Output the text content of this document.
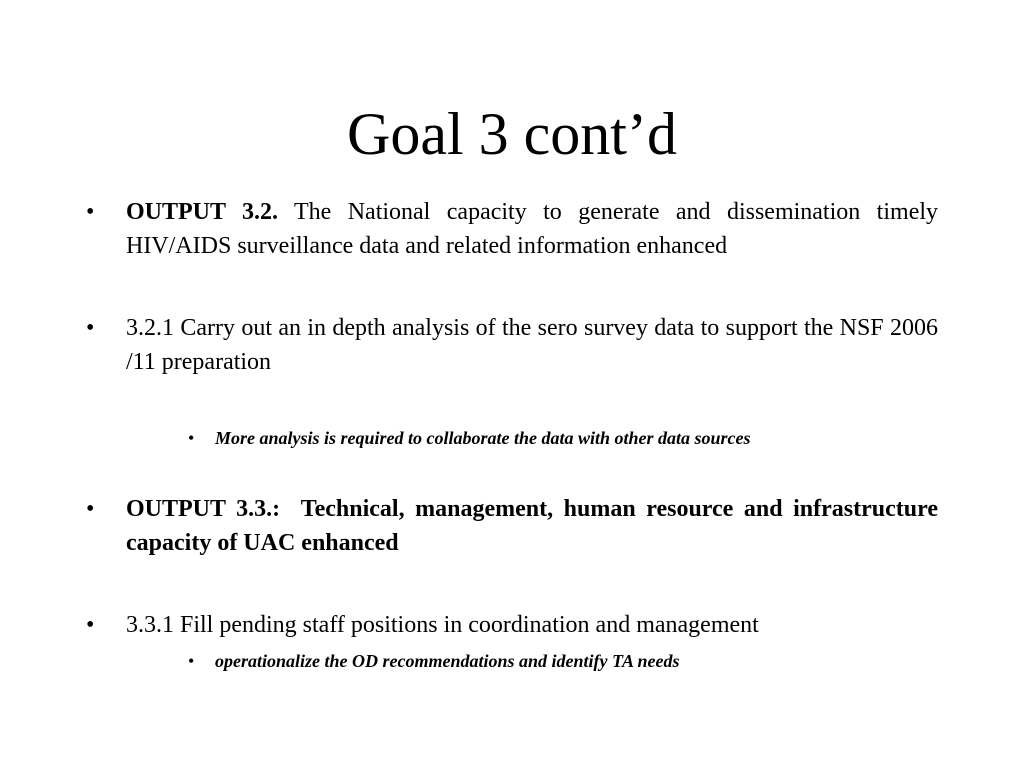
Goal 3 cont’d
•	OUTPUT 3.2. The National capacity to generate and dissemination timely HIV/AIDS surveillance data and related information enhanced
•	3.2.1 Carry out an in depth analysis of the sero survey data to support the NSF 2006 /11 preparation
• More analysis is required to collaborate the data with other data sources
•	OUTPUT 3.3.:  Technical, management, human resource and infrastructure capacity of UAC enhanced
•	3.3.1 Fill pending staff positions in coordination and management
• operationalize the OD recommendations and identify TA needs
